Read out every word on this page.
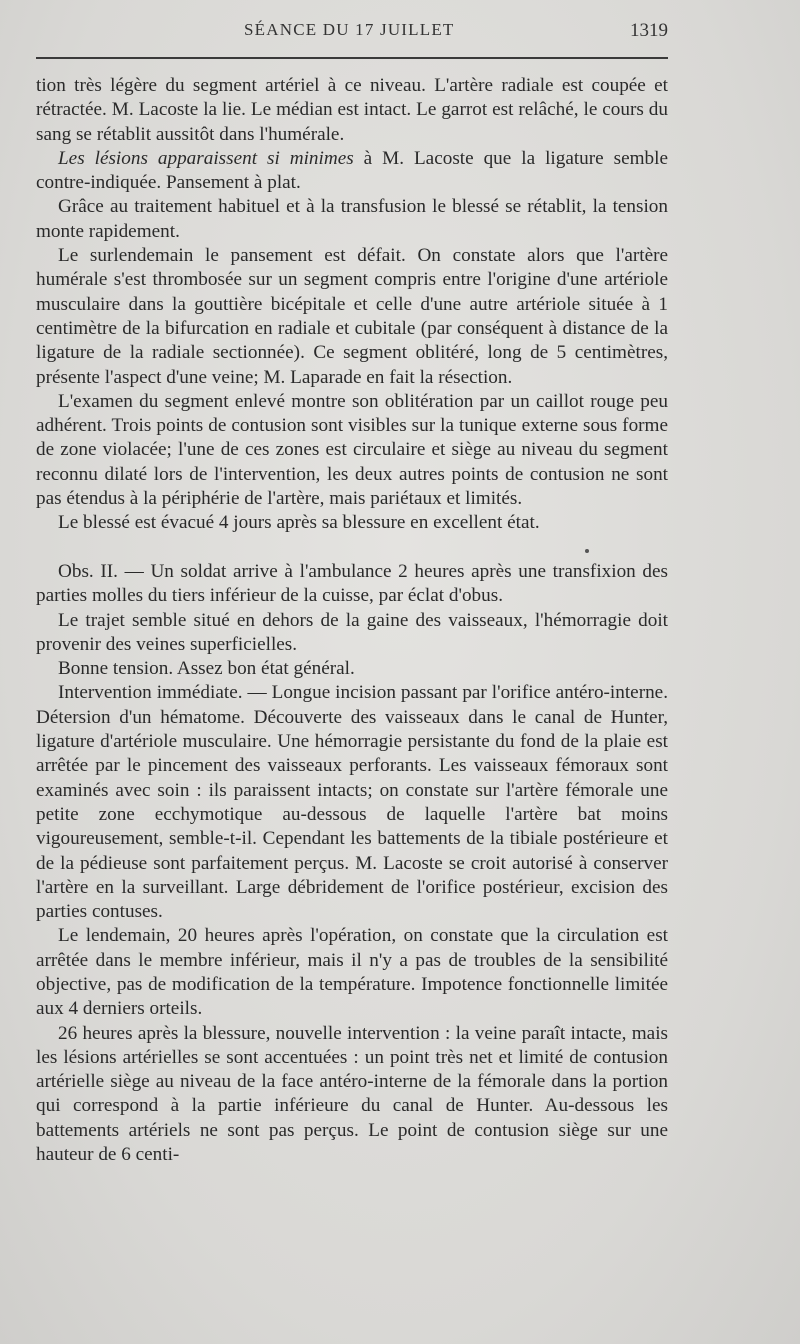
SÉANCE DU 17 JUILLET	1319

tion très légère du segment artériel à ce niveau. L'artère radiale est coupée et rétractée. M. Lacoste la lie. Le médian est intact. Le garrot est relâché, le cours du sang se rétablit aussitôt dans l'humérale.

Les lésions apparaissent si minimes à M. Lacoste que la ligature semble contre-indiquée. Pansement à plat.

Grâce au traitement habituel et à la transfusion le blessé se rétablit, la tension monte rapidement.

Le surlendemain le pansement est défait. On constate alors que l'artère humérale s'est thrombosée sur un segment compris entre l'origine d'une artériole musculaire dans la gouttière bicépitale et celle d'une autre artériole située à 1 centimètre de la bifurcation en radiale et cubitale (par conséquent à distance de la ligature de la radiale sectionnée). Ce segment oblitéré, long de 5 centimètres, présente l'aspect d'une veine; M. Laparade en fait la résection.

L'examen du segment enlevé montre son oblitération par un caillot rouge peu adhérent. Trois points de contusion sont visibles sur la tunique externe sous forme de zone violacée; l'une de ces zones est circulaire et siège au niveau du segment reconnu dilaté lors de l'intervention, les deux autres points de contusion ne sont pas étendus à la périphérie de l'artère, mais pariétaux et limités.

Le blessé est évacué 4 jours après sa blessure en excellent état.

Obs. II. — Un soldat arrive à l'ambulance 2 heures après une transfixion des parties molles du tiers inférieur de la cuisse, par éclat d'obus.

Le trajet semble situé en dehors de la gaine des vaisseaux, l'hémorragie doit provenir des veines superficielles.

Bonne tension. Assez bon état général.

Intervention immédiate. — Longue incision passant par l'orifice antéro-interne. Détersion d'un hématome. Découverte des vaisseaux dans le canal de Hunter, ligature d'artériole musculaire. Une hémorragie persistante du fond de la plaie est arrêtée par le pincement des vaisseaux perforants. Les vaisseaux fémoraux sont examinés avec soin : ils paraissent intacts; on constate sur l'artère fémorale une petite zone ecchymotique au-dessous de laquelle l'artère bat moins vigoureusement, semble-t-il. Cependant les battements de la tibiale postérieure et de la pédieuse sont parfaitement perçus. M. Lacoste se croit autorisé à conserver l'artère en la surveillant. Large débridement de l'orifice postérieur, excision des parties contuses.

Le lendemain, 20 heures après l'opération, on constate que la circulation est arrêtée dans le membre inférieur, mais il n'y a pas de troubles de la sensibilité objective, pas de modification de la température. Impotence fonctionnelle limitée aux 4 derniers orteils.

26 heures après la blessure, nouvelle intervention : la veine paraît intacte, mais les lésions artérielles se sont accentuées : un point très net et limité de contusion artérielle siège au niveau de la face antéro-interne de la fémorale dans la portion qui correspond à la partie inférieure du canal de Hunter. Au-dessous les battements artériels ne sont pas perçus. Le point de contusion siège sur une hauteur de 6 centi-
